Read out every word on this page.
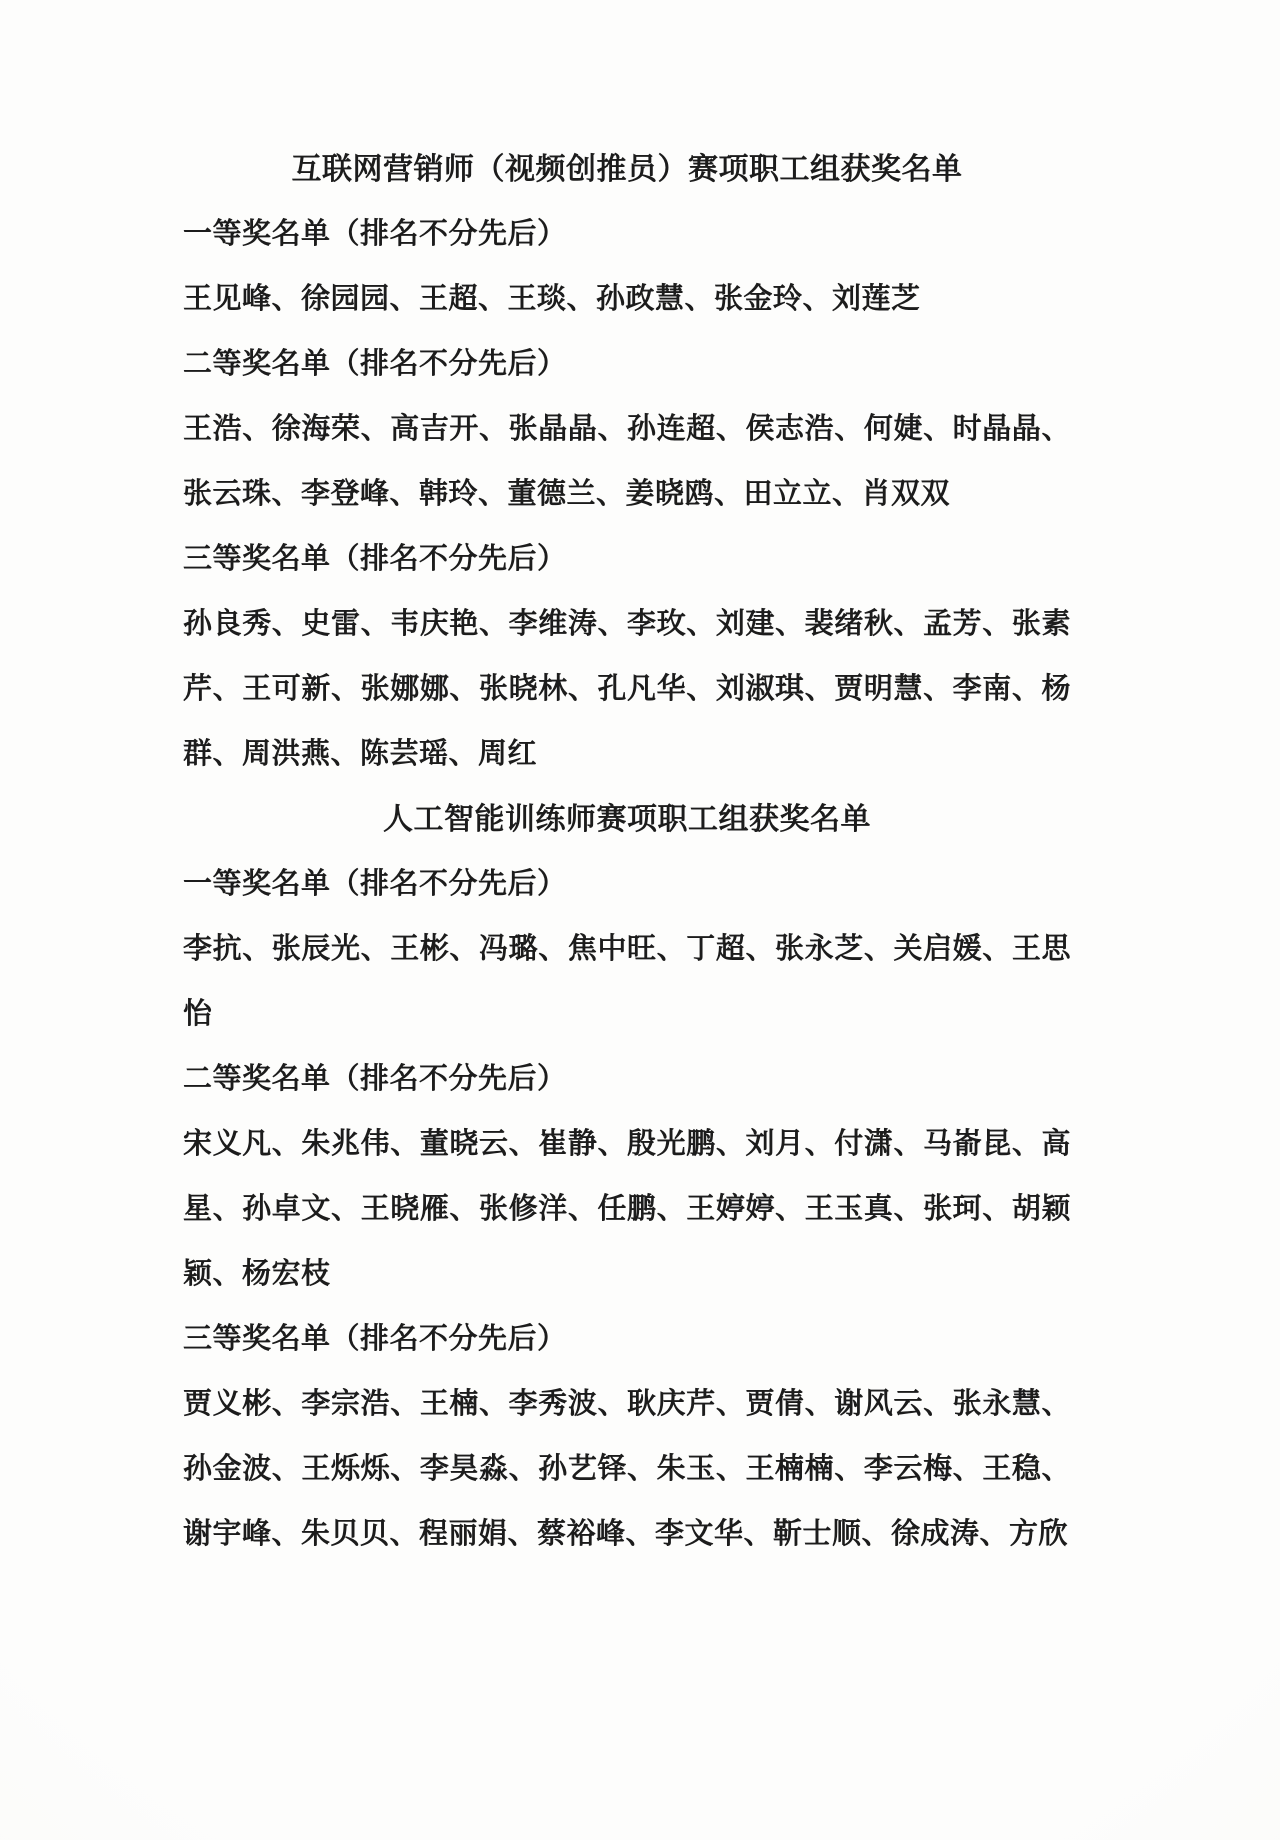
互联网营销师（视频创推员）赛项职工组获奖名单
一等奖名单（排名不分先后）
王见峰、徐园园、王超、王琰、孙政慧、张金玲、刘莲芝
二等奖名单（排名不分先后）
王浩、徐海荣、高吉开、张晶晶、孙连超、侯志浩、何婕、时晶晶、
张云珠、李登峰、韩玲、董德兰、姜晓鸥、田立立、肖双双
三等奖名单（排名不分先后）
孙良秀、史雷、韦庆艳、李维涛、李玫、刘建、裴绪秋、孟芳、张素
芹、王可新、张娜娜、张晓林、孔凡华、刘淑琪、贾明慧、李南、杨
群、周洪燕、陈芸瑶、周红
人工智能训练师赛项职工组获奖名单
一等奖名单（排名不分先后）
李抗、张辰光、王彬、冯璐、焦中旺、丁超、张永芝、关启媛、王思
怡
二等奖名单（排名不分先后）
宋义凡、朱兆伟、董晓云、崔静、殷光鹏、刘月、付潇、马嵛昆、高
星、孙卓文、王晓雁、张修洋、任鹏、王婷婷、王玉真、张珂、胡颖
颖、杨宏枝
三等奖名单（排名不分先后）
贾义彬、李宗浩、王楠、李秀波、耿庆芹、贾倩、谢风云、张永慧、
孙金波、王烁烁、李昊淼、孙艺铎、朱玉、王楠楠、李云梅、王稳、
谢宇峰、朱贝贝、程丽娟、蔡裕峰、李文华、靳士顺、徐成涛、方欣
